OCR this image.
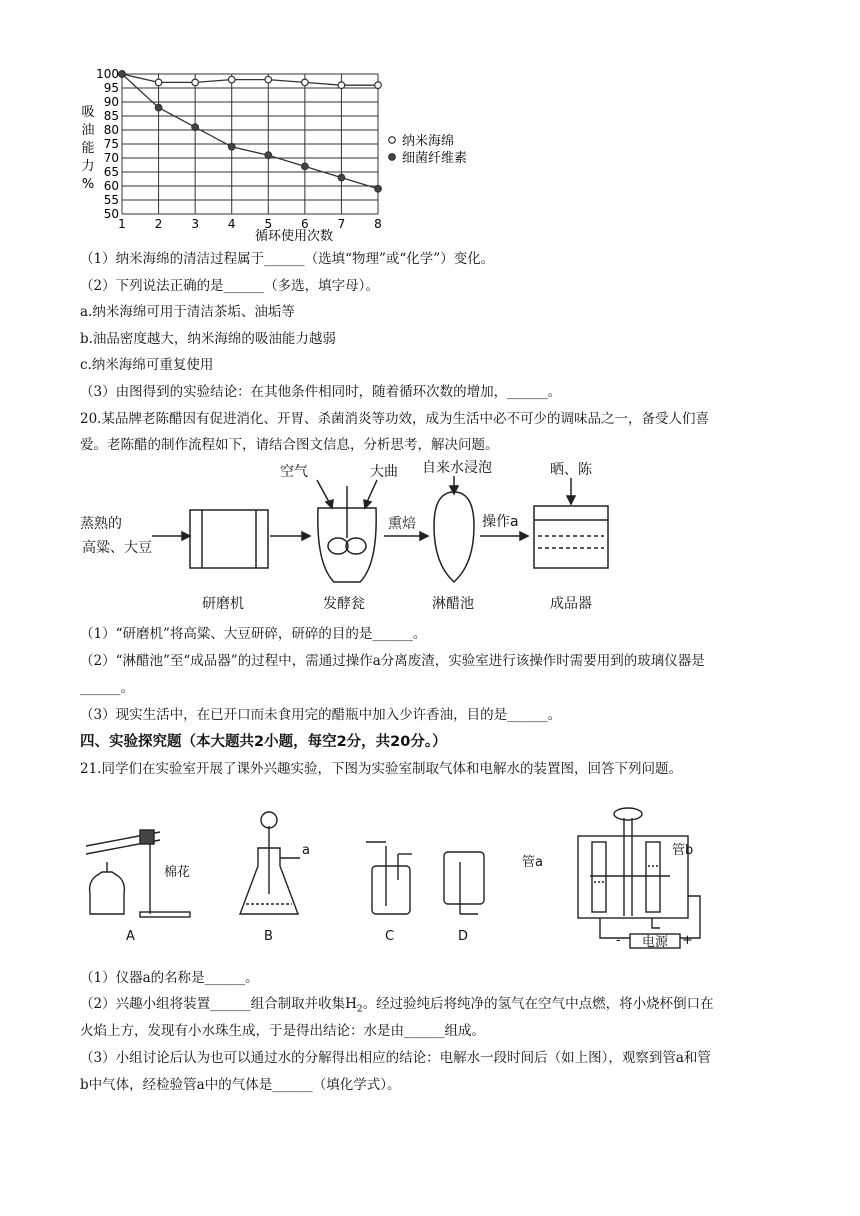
50
55
60
65
70
75
80
85
90
95
100
1 2 3 4 5 6 7 8
吸
油
能
力
%
循环使用次数
纳米海绵
细菌纤维素
（1）纳米海绵的清洁过程属于______（选填“物理”或“化学”）变化。
（2）下列说法正确的是______（多选，填字母）。
a.纳米海绵可用于清洁茶垢、油垢等
b.油品密度越大，纳米海绵的吸油能力越弱
c.纳米海绵可重复使用
（3）由图得到的实验结论：在其他条件相同时，随着循环次数的增加，______。
20.某品牌老陈醋因有促进消化、开胃、杀菌消炎等功效，成为生活中必不可少的调味品之一，备受人们喜
爱。老陈醋的制作流程如下，请结合图文信息，分析思考，解决问题。
蒸熟的
高粱、大豆
研磨机
空气	大曲
发酵瓮
熏焙
自来水浸泡
淋醋池
操作a
晒、陈
成品器
（1）“研磨机”将高粱、大豆研碎，研碎的目的是______。
（2）“淋醋池”至“成品器”的过程中，需通过操作a分离废渣，实验室进行该操作时需要用到的玻璃仪器是
______。
（3）现实生活中，在已开口而未食用完的醋瓶中加入少许香油，目的是______。
四、实验探究题（本大题共2小题，每空2分，共20分。）
21.同学们在实验室开展了课外兴趣实验，下图为实验室制取气体和电解水的装置图，回答下列问题。
棉花
a
管a
管b
电源
-	+
A	B	C	D
（1）仪器a的名称是______。
（2）兴趣小组将装置______组合制取并收集$H_2$。经过验纯后将纯净的氢气在空气中点燃，将小烧杯倒口在
火焰上方，发现有小水珠生成，于是得出结论：水是由______组成。
（3）小组讨论后认为也可以通过水的分解得出相应的结论：电解水一段时间后（如上图），观察到管a和管
b中气体，经检验管a中的气体是______（填化学式）。
